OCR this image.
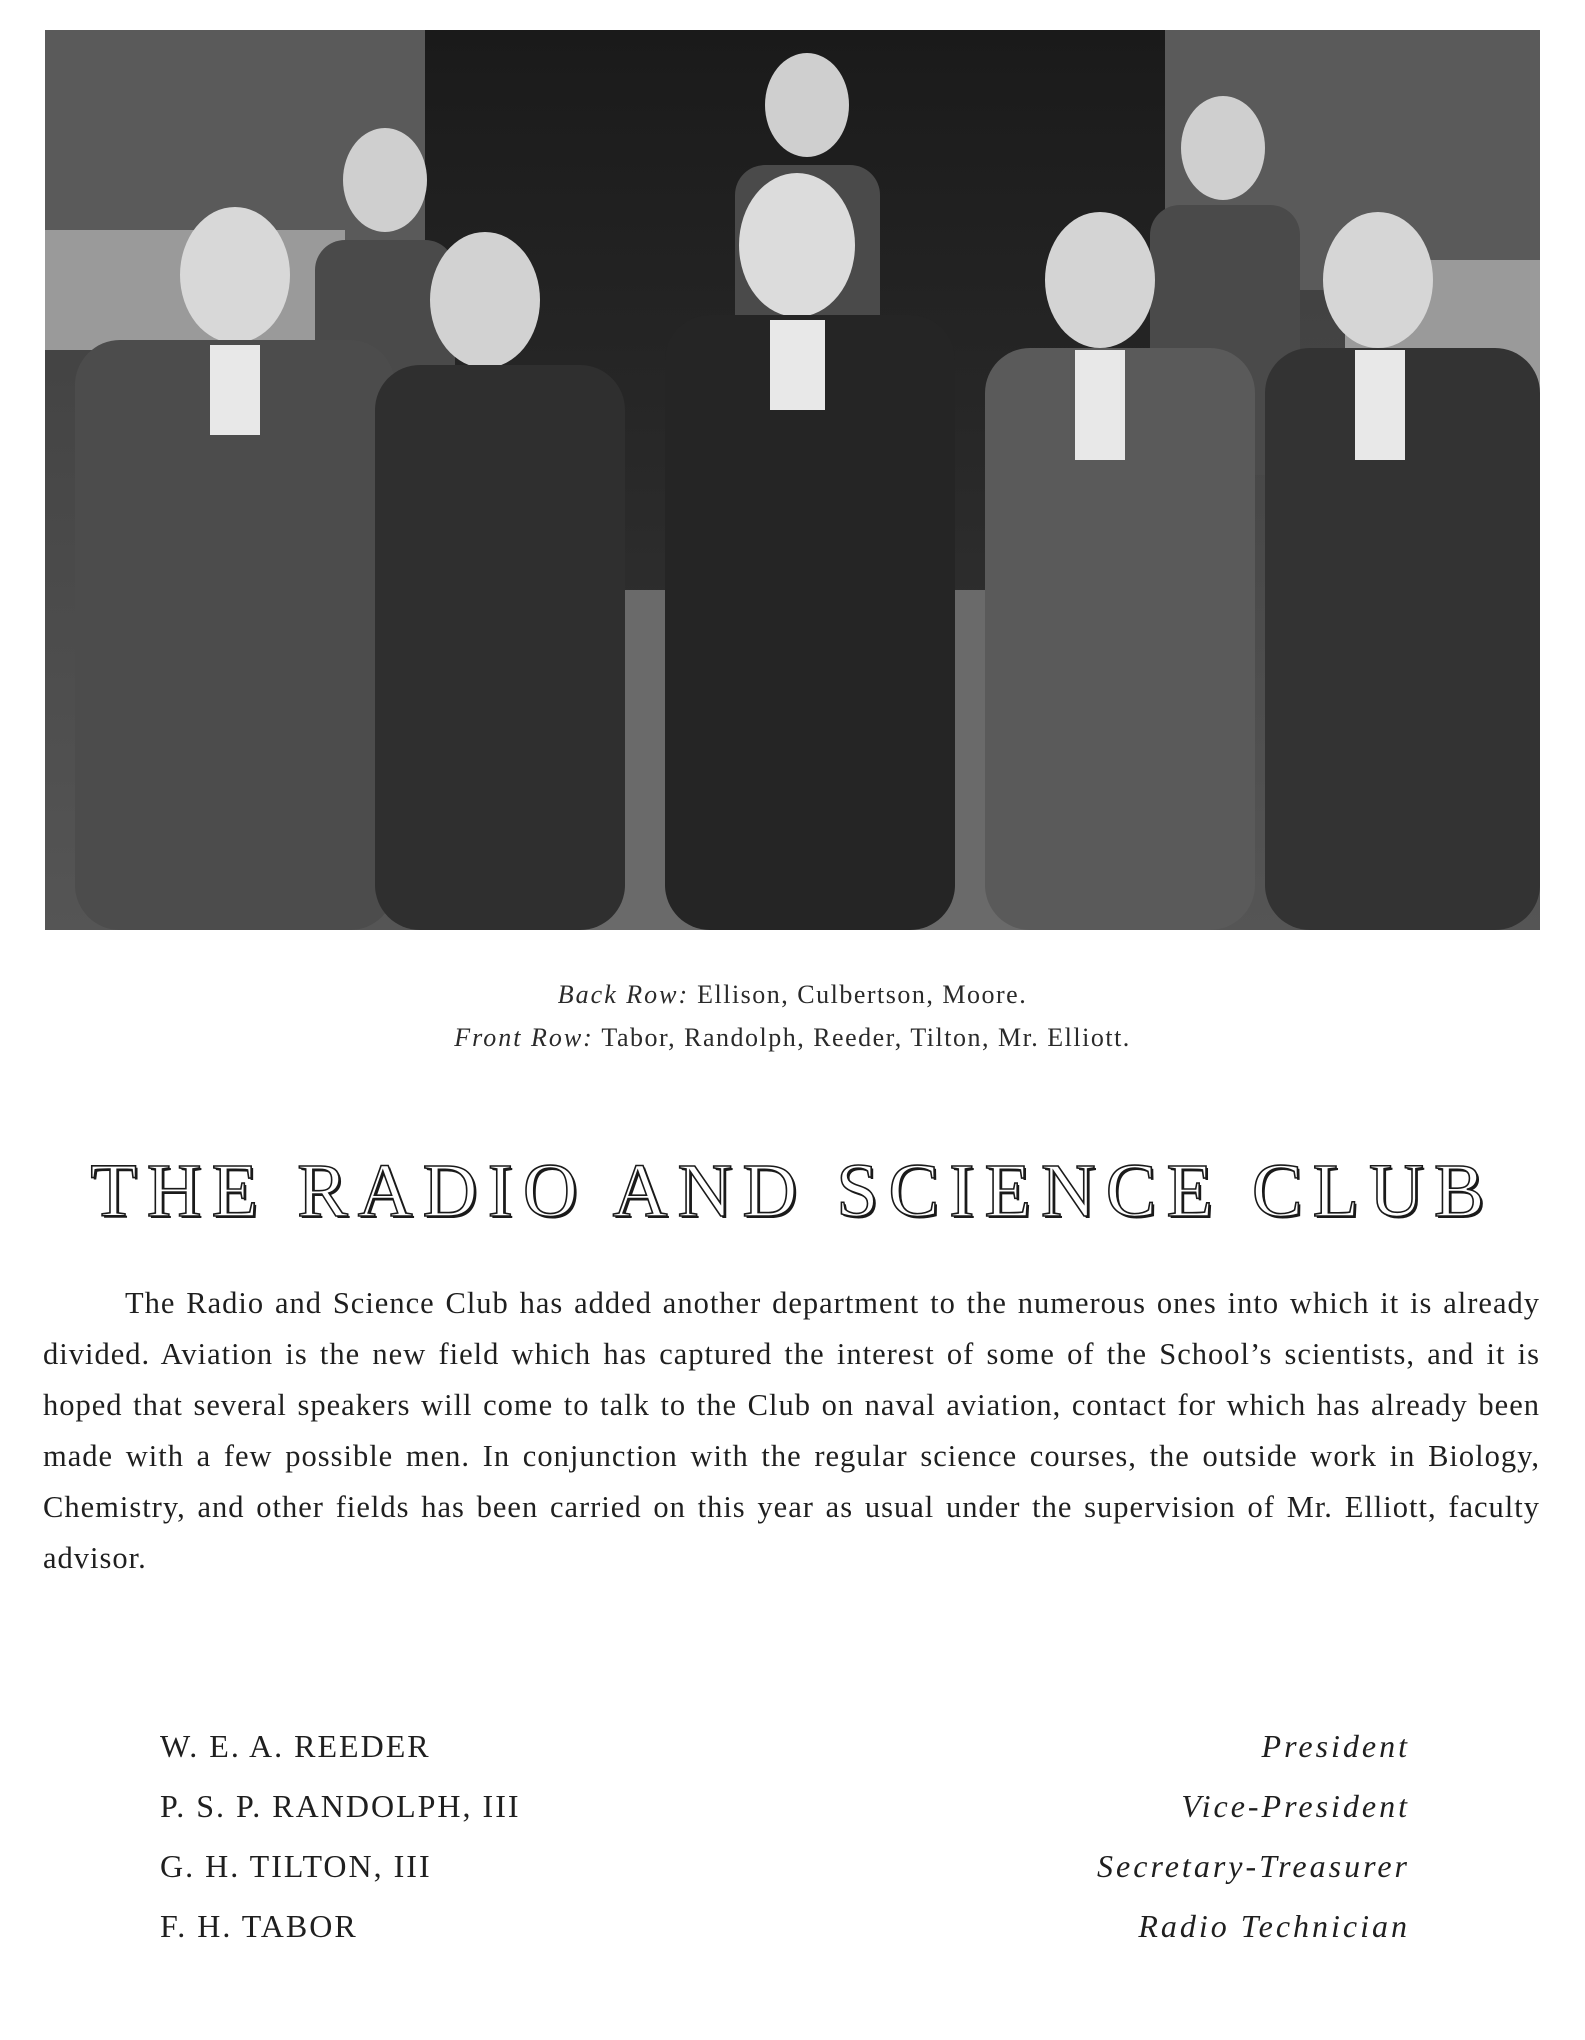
Back Row: Ellison, Culbertson, Moore.
Front Row: Tabor, Randolph, Reeder, Tilton, Mr. Elliott.
THE RADIO AND SCIENCE CLUB

The Radio and Science Club has added another department to the numerous ones into which it is already divided. Aviation is the new field which has captured the interest of some of the School’s scientists, and it is hoped that several speakers will come to talk to the Club on naval aviation, contact for which has already been made with a few possible men. In conjunction with the regular science courses, the outside work in Biology, Chemistry, and other fields has been carried on this year as usual under the supervision of Mr. Elliott, faculty advisor.

W. E. A. REEDER	President
P. S. P. RANDOLPH, III	Vice-President
G. H. TILTON, III	Secretary-Treasurer
F. H. TABOR	Radio Technician
